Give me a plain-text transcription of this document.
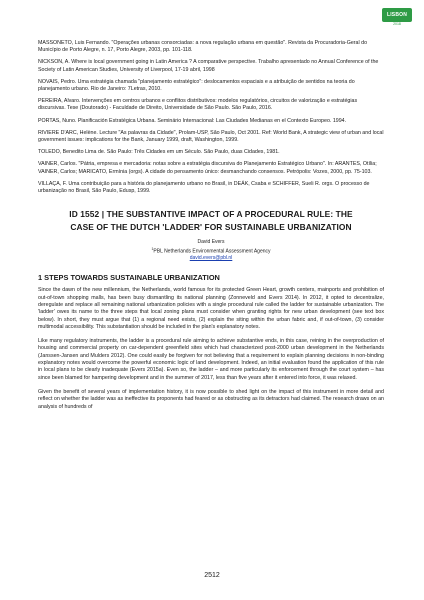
LISBON
2018

MASSONETO, Luis Fernando. "Operações urbanas consorciadas: a nova regulação urbana em questão". Revista da Procuradoria-Geral do Município de Porto Alegre, n. 17, Porto Alegre, 2003, pp. 101-118.

NICKSON, A. Where is local government going in Latin America ? A comparative perspective. Trabalho apresentado no Annual Conference of the Society of Latin American Studies, University of Liverpool, 17-19 abril, 1998

NOVAIS, Pedro. Uma estratégia chamada "planejamento estratégico": deslocamentos espaciais e a atribuição de sentidos na teoria do planejamento urbano. Rio de Janeiro: 7Letras, 2010.

PEREIRA, Alvaro. Intervenções em centros urbanos e conflitos distributivos: modelos regulatórios, circuitos de valorização e estratégias discursivas. Tese (Doutorado) - Faculdade de Direito, Universidade de São Paulo. São Paulo, 2016.

PORTAS, Nuno. Planificación Estratégica Urbana. Seminário Internacional: Las Ciudades Medianas en el Contexto Europeo. 1994.

RIVIERE D'ARC, Helène. Lecture "As palavras da Cidade", Prolam-USP, São Paulo, Oct 2001. Ref: World Bank, A strategic view of urban and local government issues: implications for the Bank, January 1999, draft, Washington, 1999.

TOLEDO, Benedito Lima de. São Paulo: Três Cidades em um Século. São Paulo, duas Cidades, 1981.

VAINER, Carlos. "Pátria, empresa e mercadoria: notas sobre a estratégia discursiva do Planejamento Estratégico Urbano". In: ARANTES, Otília; VAINER, Carlos; MARICATO, Ermínia (orgs). A cidade do pensamento único: desmanchando consensos. Petrópolis: Vozes, 2000, pp. 75-103.

VILLAÇA, F. Uma contribuição para a história do planejamento urbano no Brasil, in DEÁK, Csaba e SCHIFFER, Sueli R. orgs. O processo de urbanização no Brasil, São Paulo, Edusp, 1999.

ID 1552 | THE SUBSTANTIVE IMPACT OF A PROCEDURAL RULE: THE
CASE OF THE DUTCH 'LADDER' FOR SUSTAINABLE URBANIZATION
David Evers
$^1$PBL Netherlands Environmental Assessment Agency
david.evers@pbl.nl
1 STEPS TOWARDS SUSTAINABLE URBANIZATION

Since the dawn of the new millennium, the Netherlands, world famous for its protected Green Heart, growth centers, mainports and prohibition of out-of-town shopping malls, has been busy dismantling its national planning (Zonneveld and Evers 2014). In 2012, it opted to decentralize, deregulate and replace all remaining national urbanization policies with a single procedural rule called the ladder for sustainable urbanization. The 'ladder' owes its name to the three steps that local zoning plans must consider when granting rights for new urban development (see text box below). In short, they must argue that (1) a regional need exists, (2) explain the siting within the urban fabric and, if out-of-town, (3) consider multimodal accessibility. This substantiation should be included in the plan's explanatory notes.

Like many regulatory instruments, the ladder is a procedural rule aiming to achieve substantive ends, in this case, reining in the overproduction of housing and commercial property on car-dependent greenfield sites which had characterized post-2000 urban development in the Netherlands (Janssen-Jansen and Mulders 2012). One could easily be forgiven for not believing that a requirement to explain planning decisions in non-binding explanatory notes would overcome the powerful economic logic of land development. Indeed, an initial evaluation found the application of this rule in local plans to be clearly inadequate (Evers 2015a). Even so, the ladder – and more particularly its enforcement through the court system – has since been blamed for hampering development and in the summer of 2017, less than five years after it entered into force, it was relaxed.

Given the benefit of several years of implementation history, it is now possible to shed light on the impact of this instrument in more detail and reflect on whether the ladder was as ineffective its proponents had feared or as obstructing as its detractors had claimed. The research draws on an analysis of hundreds of

2512
